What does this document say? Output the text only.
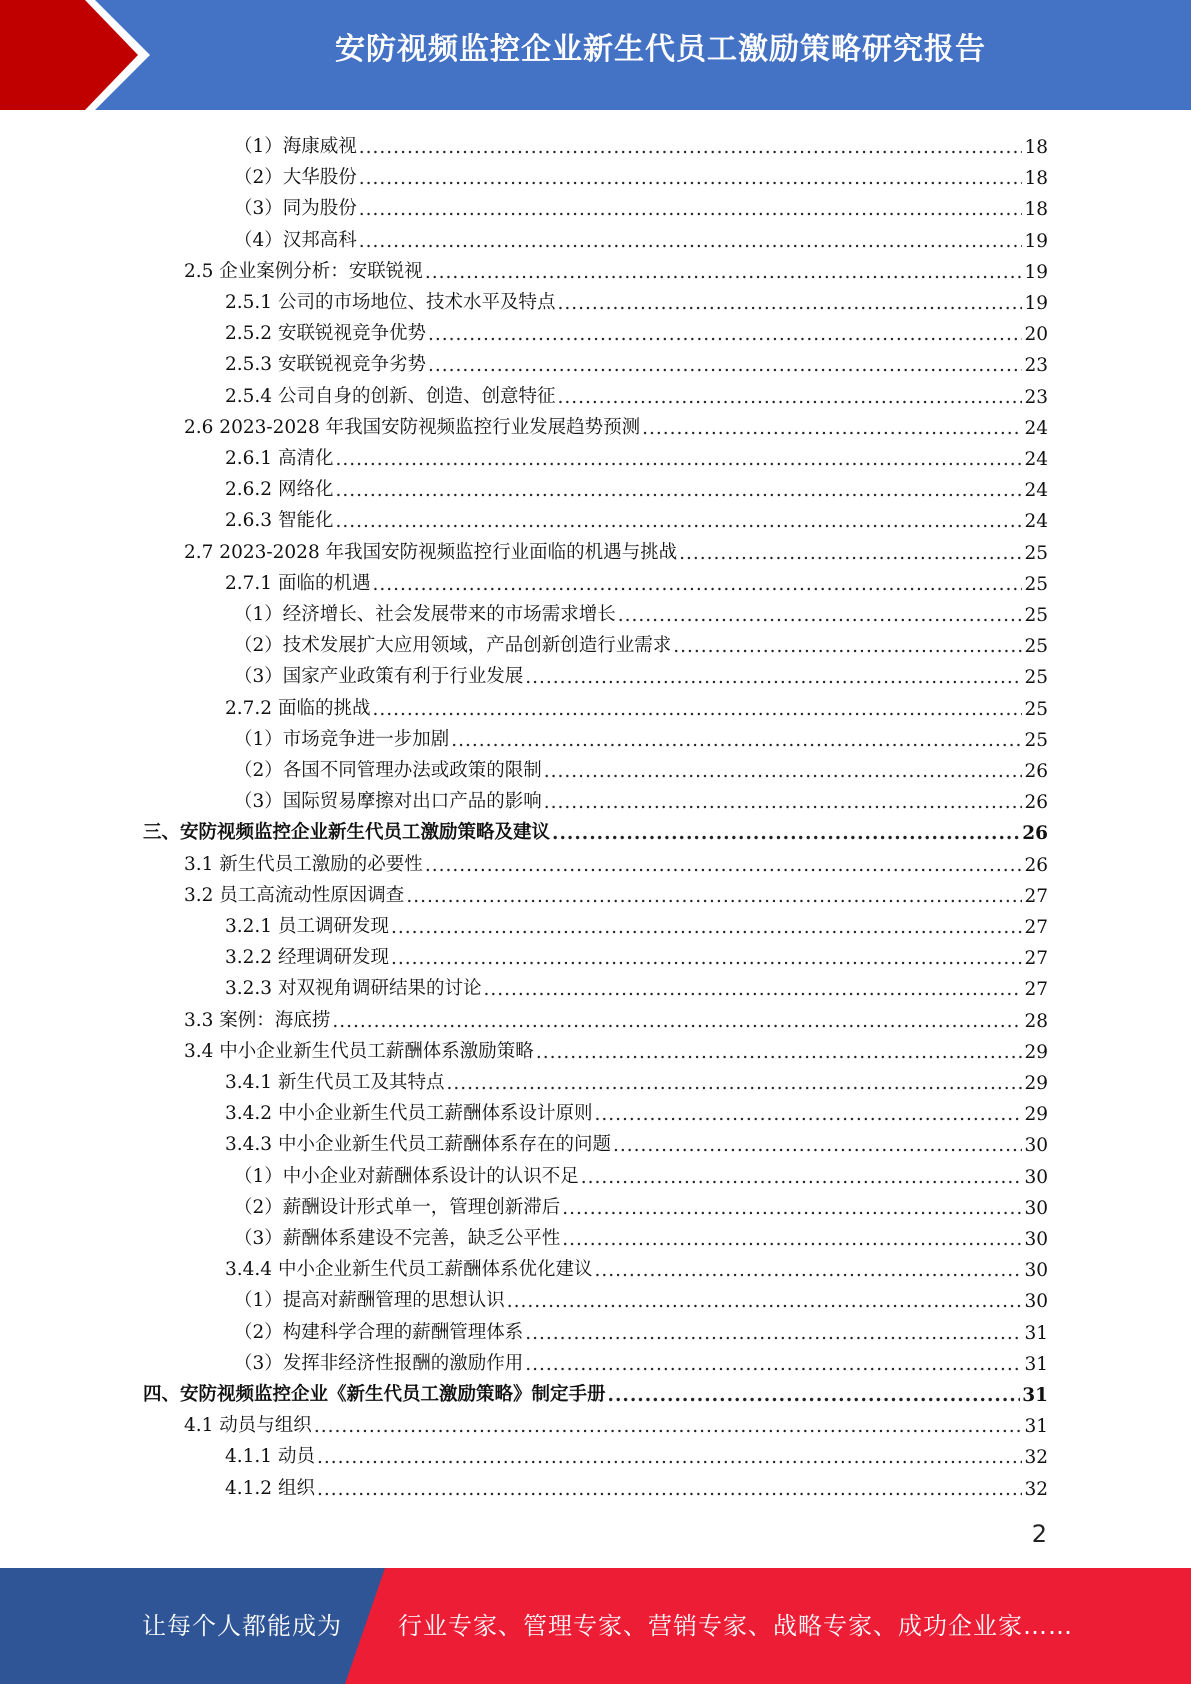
安防视频监控企业新生代员工激励策略研究报告
（1）海康威视 .....	18
（2）大华股份 .....	18
（3）同为股份 .....	18
（4）汉邦高科 .....	19
2.5 企业案例分析：安联锐视 .....	19
2.5.1 公司的市场地位、技术水平及特点 .....	19
2.5.2 安联锐视竞争优势 .....	20
2.5.3 安联锐视竞争劣势 .....	23
2.5.4 公司自身的创新、创造、创意特征 .....	23
2.6 2023-2028 年我国安防视频监控行业发展趋势预测 .....	24
2.6.1 高清化 .....	24
2.6.2 网络化 .....	24
2.6.3 智能化 .....	24
2.7 2023-2028 年我国安防视频监控行业面临的机遇与挑战 .....	25
2.7.1 面临的机遇 .....	25
（1）经济增长、社会发展带来的市场需求增长 .....	25
（2）技术发展扩大应用领域，产品创新创造行业需求 .....	25
（3）国家产业政策有利于行业发展 .....	25
2.7.2 面临的挑战 .....	25
（1）市场竞争进一步加剧 .....	25
（2）各国不同管理办法或政策的限制 .....	26
（3）国际贸易摩擦对出口产品的影响 .....	26
三、安防视频监控企业新生代员工激励策略及建议 .....	26
3.1 新生代员工激励的必要性 .....	26
3.2 员工高流动性原因调查 .....	27
3.2.1 员工调研发现 .....	27
3.2.2 经理调研发现 .....	27
3.2.3 对双视角调研结果的讨论 .....	27
3.3 案例：海底捞 .....	28
3.4 中小企业新生代员工薪酬体系激励策略 .....	29
3.4.1 新生代员工及其特点 .....	29
3.4.2 中小企业新生代员工薪酬体系设计原则 .....	29
3.4.3 中小企业新生代员工薪酬体系存在的问题 .....	30
（1）中小企业对薪酬体系设计的认识不足 .....	30
（2）薪酬设计形式单一，管理创新滞后 .....	30
（3）薪酬体系建设不完善，缺乏公平性 .....	30
3.4.4 中小企业新生代员工薪酬体系优化建议 .....	30
（1）提高对薪酬管理的思想认识 .....	30
（2）构建科学合理的薪酬管理体系 .....	31
（3）发挥非经济性报酬的激励作用 .....	31
四、安防视频监控企业《新生代员工激励策略》制定手册 .....	31
4.1 动员与组织 .....	31
4.1.1 动员 .....	32
4.1.2 组织 .....	32
2
让每个人都能成为 行业专家、管理专家、营销专家、战略专家、成功企业家……
